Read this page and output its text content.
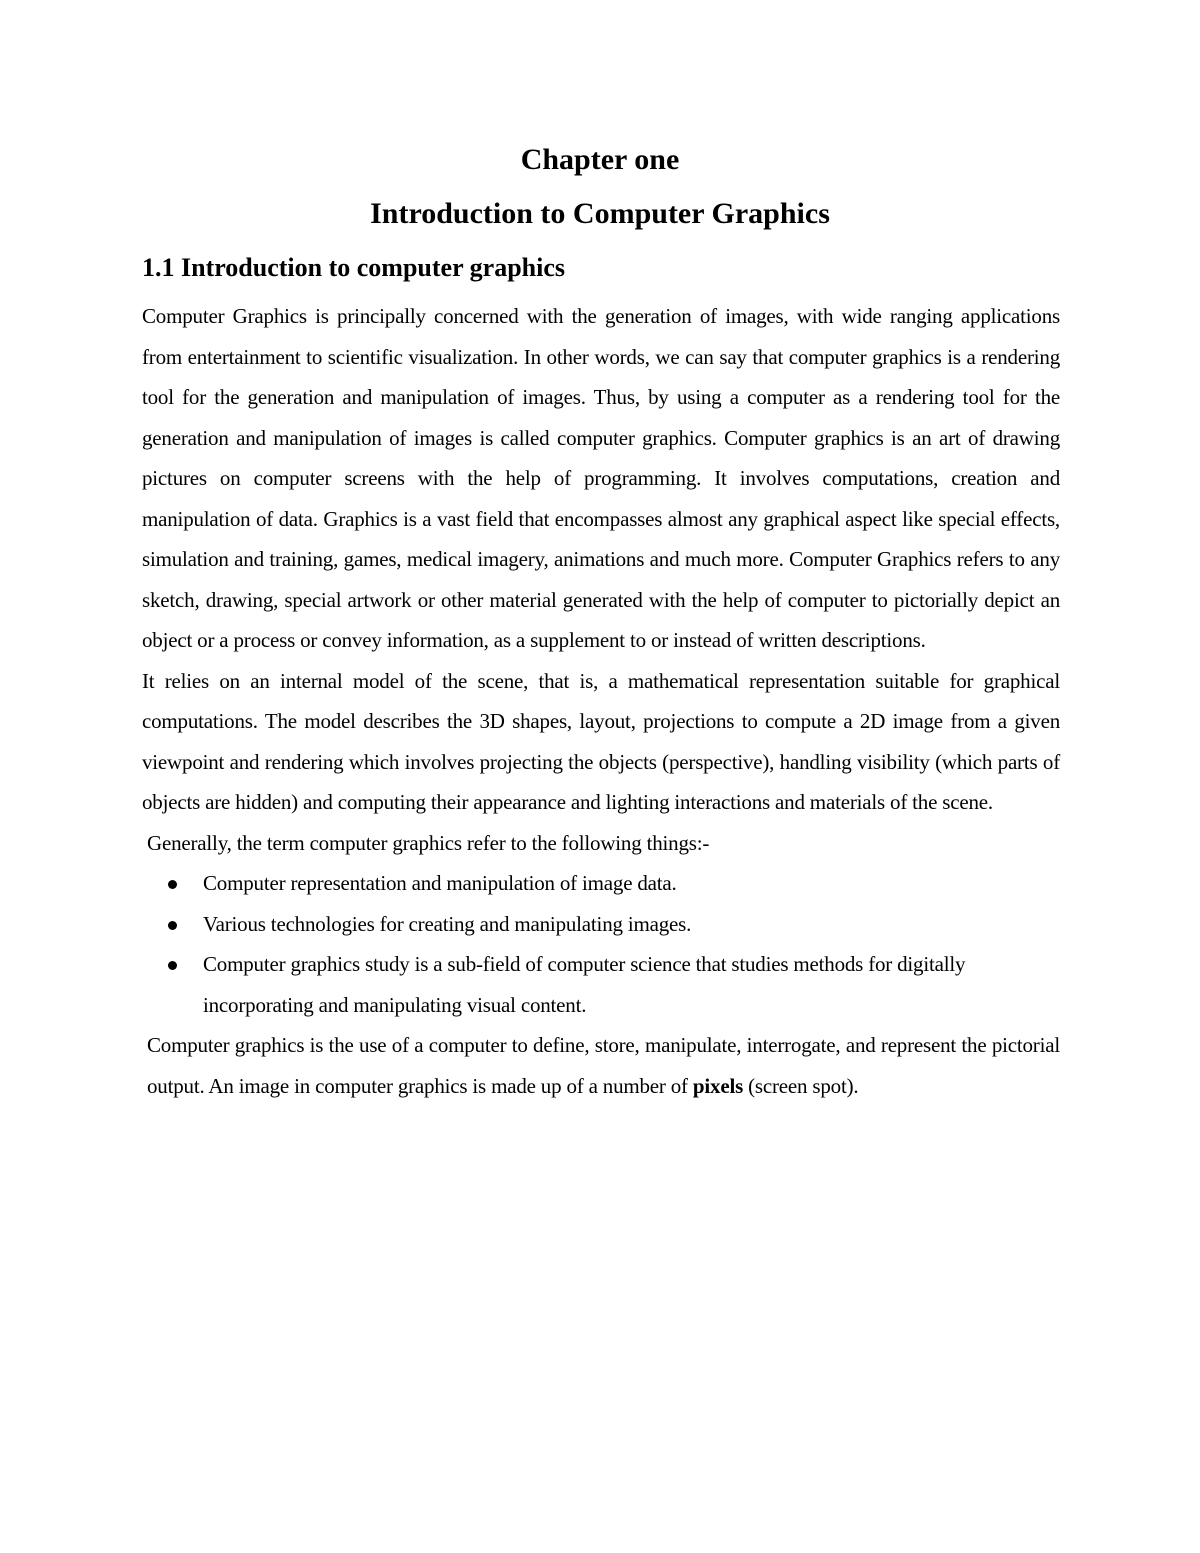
Chapter one
Introduction to Computer Graphics
1.1 Introduction to computer graphics

Computer Graphics is principally concerned with the generation of images, with wide ranging applications from entertainment to scientific visualization. In other words, we can say that computer graphics is a rendering tool for the generation and manipulation of images. Thus, by using a computer as a rendering tool for the generation and manipulation of images is called computer graphics. Computer graphics is an art of drawing pictures on computer screens with the help of programming. It involves computations, creation and manipulation of data. Graphics is a vast field that encompasses almost any graphical aspect like special effects, simulation and training, games, medical imagery, animations and much more. Computer Graphics refers to any sketch, drawing, special artwork or other material generated with the help of computer to pictorially depict an object or a process or convey information, as a supplement to or instead of written descriptions.

It relies on an internal model of the scene, that is, a mathematical representation suitable for graphical computations. The model describes the 3D shapes, layout, projections to compute a 2D image from a given viewpoint and rendering which involves projecting the objects (perspective), handling visibility (which parts of objects are hidden) and computing their appearance and lighting interactions and materials of the scene.

Generally, the term computer graphics refer to the following things:-

Computer representation and manipulation of image data.
Various technologies for creating and manipulating images.
Computer graphics study is a sub-field of computer science that studies methods for digitally incorporating and manipulating visual content.

Computer graphics is the use of a computer to define, store, manipulate, interrogate, and represent the pictorial output. An image in computer graphics is made up of a number of pixels (screen spot).
